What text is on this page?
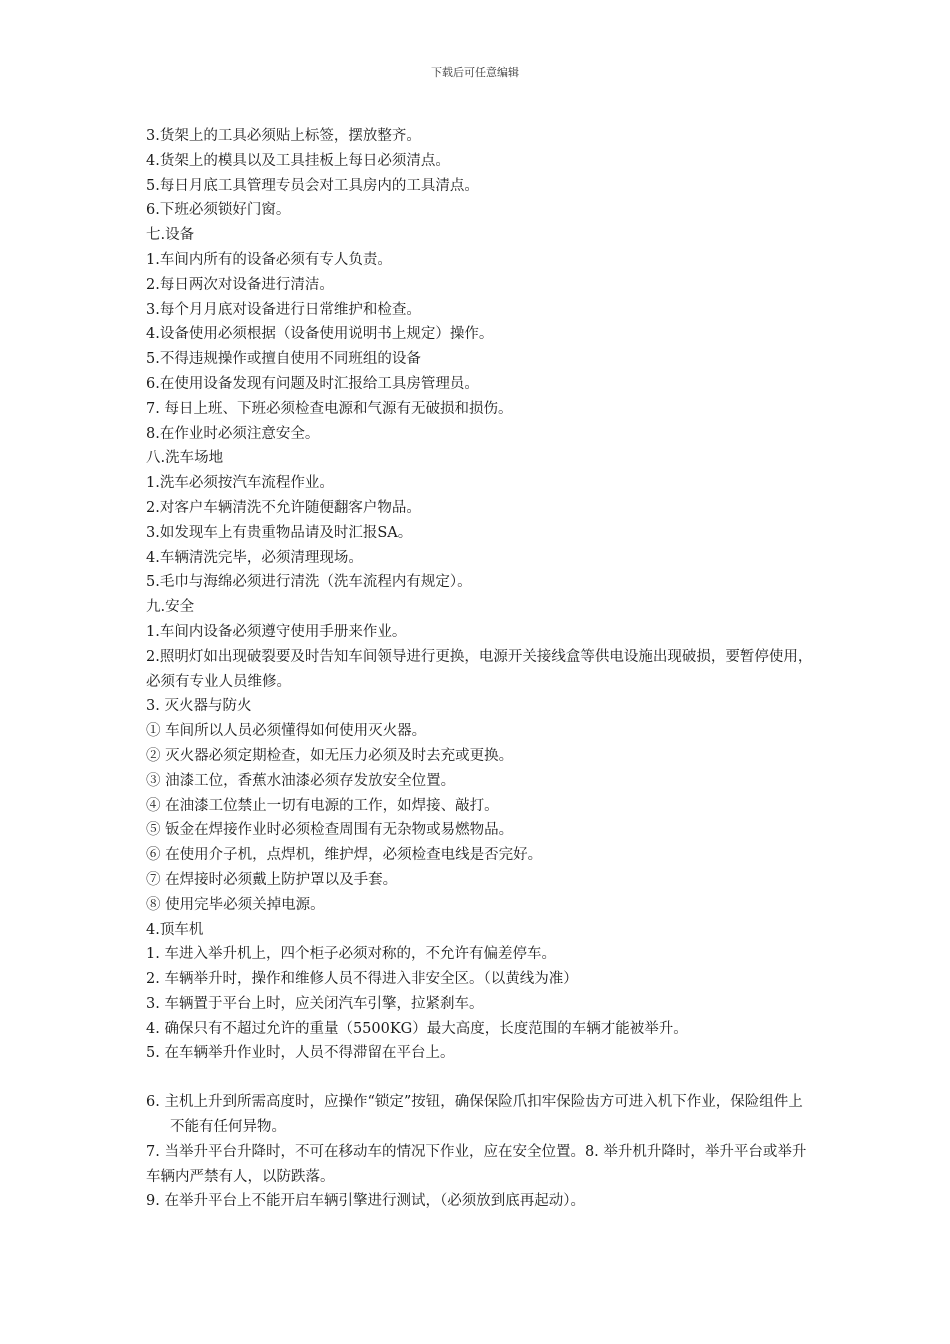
下载后可任意编辑
3.货架上的工具必须贴上标签，摆放整齐。
4.货架上的模具以及工具挂板上每日必须清点。
5.每日月底工具管理专员会对工具房内的工具清点。
6.下班必须锁好门窗。
七.设备
1.车间内所有的设备必须有专人负责。
2.每日两次对设备进行清洁。
3.每个月月底对设备进行日常维护和检查。
4.设备使用必须根据（设备使用说明书上规定）操作。
5.不得违规操作或擅自使用不同班组的设备
6.在使用设备发现有问题及时汇报给工具房管理员。
7. 每日上班、下班必须检查电源和气源有无破损和损伤。
8.在作业时必须注意安全。
八.洗车场地
1.洗车必须按汽车流程作业。
2.对客户车辆清洗不允许随便翻客户物品。
3.如发现车上有贵重物品请及时汇报SA。
4.车辆清洗完毕，必须清理现场。
5.毛巾与海绵必须进行清洗（洗车流程内有规定）。
九.安全
1.车间内设备必须遵守使用手册来作业。
2.照明灯如出现破裂要及时告知车间领导进行更换，电源开关接线盒等供电设施出现破损，要暂停使用，必须有专业人员维修。
3. 灭火器与防火
① 车间所以人员必须懂得如何使用灭火器。
② 灭火器必须定期检查，如无压力必须及时去充或更换。
③ 油漆工位，香蕉水油漆必须存发放安全位置。
④ 在油漆工位禁止一切有电源的工作，如焊接、敲打。
⑤ 钣金在焊接作业时必须检查周围有无杂物或易燃物品。
⑥ 在使用介子机，点焊机，维护焊，必须检查电线是否完好。
⑦ 在焊接时必须戴上防护罩以及手套。
⑧ 使用完毕必须关掉电源。
4.顶车机
1. 车进入举升机上，四个柜子必须对称的，不允许有偏差停车。
2. 车辆举升时，操作和维修人员不得进入非安全区。（以黄线为准）
3. 车辆置于平台上时，应关闭汽车引擎，拉紧刹车。
4. 确保只有不超过允许的重量（5500KG）最大高度，长度范围的车辆才能被举升。
5. 在车辆举升作业时，人员不得滞留在平台上。
6. 主机上升到所需高度时，应操作“锁定”按钮，确保保险爪扣牢保险齿方可进入机下作业，保险组件上不能有任何异物。
7. 当举升平台升降时，不可在移动车的情况下作业，应在安全位置。8. 举升机升降时，举升平台或举升车辆内严禁有人，以防跌落。
9. 在举升平台上不能开启车辆引擎进行测试，（必须放到底再起动）。
